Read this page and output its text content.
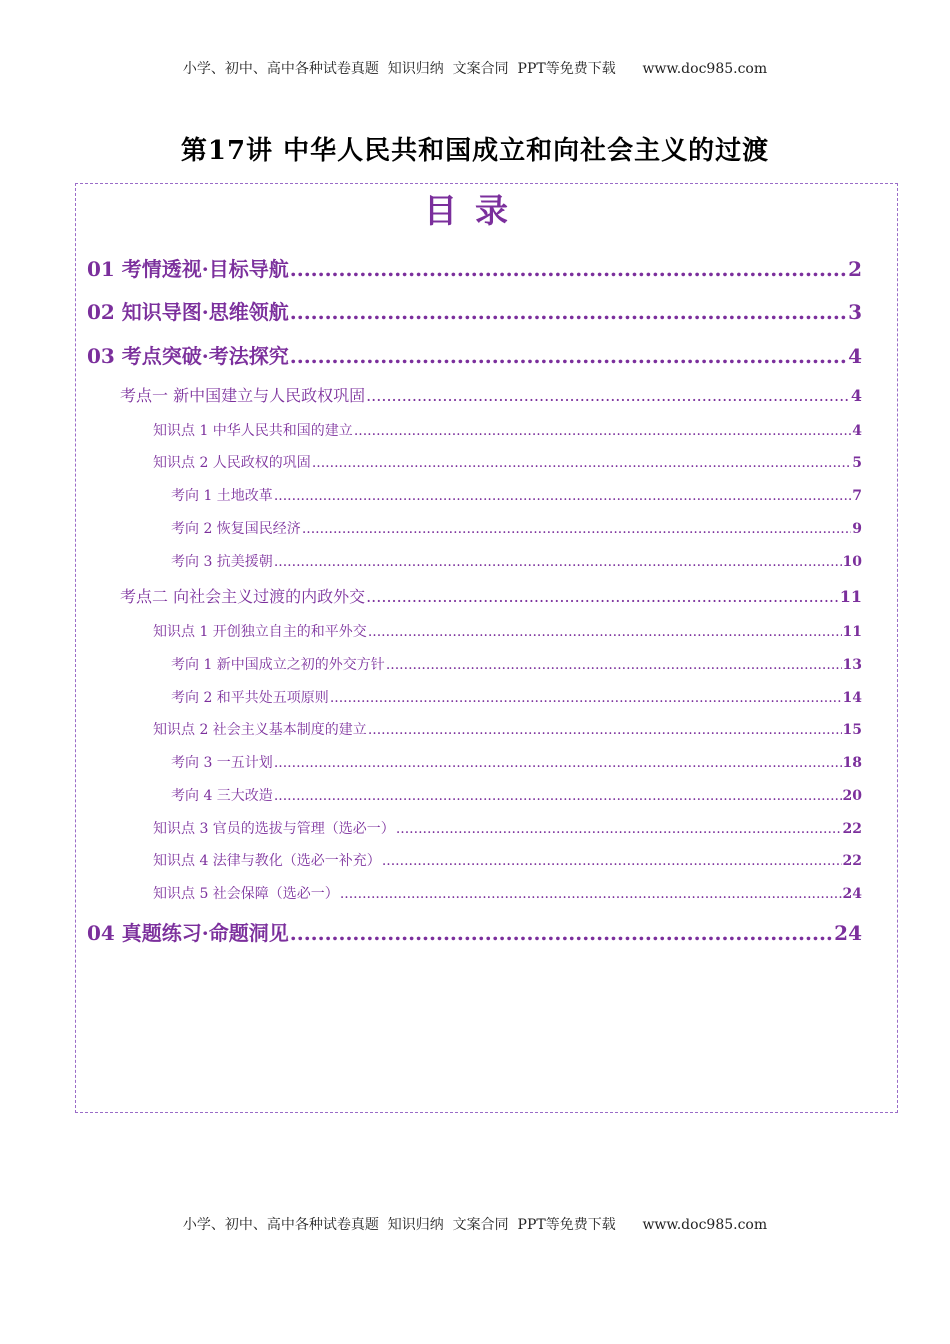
小学、初中、高中各种试卷真题  知识归纳  文案合同  PPT等免费下载      www.doc985.com
第17讲 中华人民共和国成立和向社会主义的过渡
目录
01 考情透视·目标导航 .....	2
02 知识导图·思维领航 .....	3
03 考点突破·考法探究 .....	4
考点一 新中国建立与人民政权巩固 .....	4
知识点 1 中华人民共和国的建立 .....	4
知识点 2 人民政权的巩固 .....	5
考向 1 土地改革 .....	7
考向 2 恢复国民经济 .....	9
考向 3 抗美援朝 .....	10
考点二 向社会主义过渡的内政外交 .....	11
知识点 1 开创独立自主的和平外交 .....	11
考向 1 新中国成立之初的外交方针 .....	13
考向 2 和平共处五项原则 .....	14
知识点 2 社会主义基本制度的建立 .....	15
考向 3 一五计划 .....	18
考向 4 三大改造 .....	20
知识点 3 官员的选拔与管理（选必一） .....	22
知识点 4 法律与教化（选必一补充） .....	22
知识点 5 社会保障（选必一） .....	24
04 真题练习·命题洞见 .....	24
小学、初中、高中各种试卷真题  知识归纳  文案合同  PPT等免费下载      www.doc985.com
